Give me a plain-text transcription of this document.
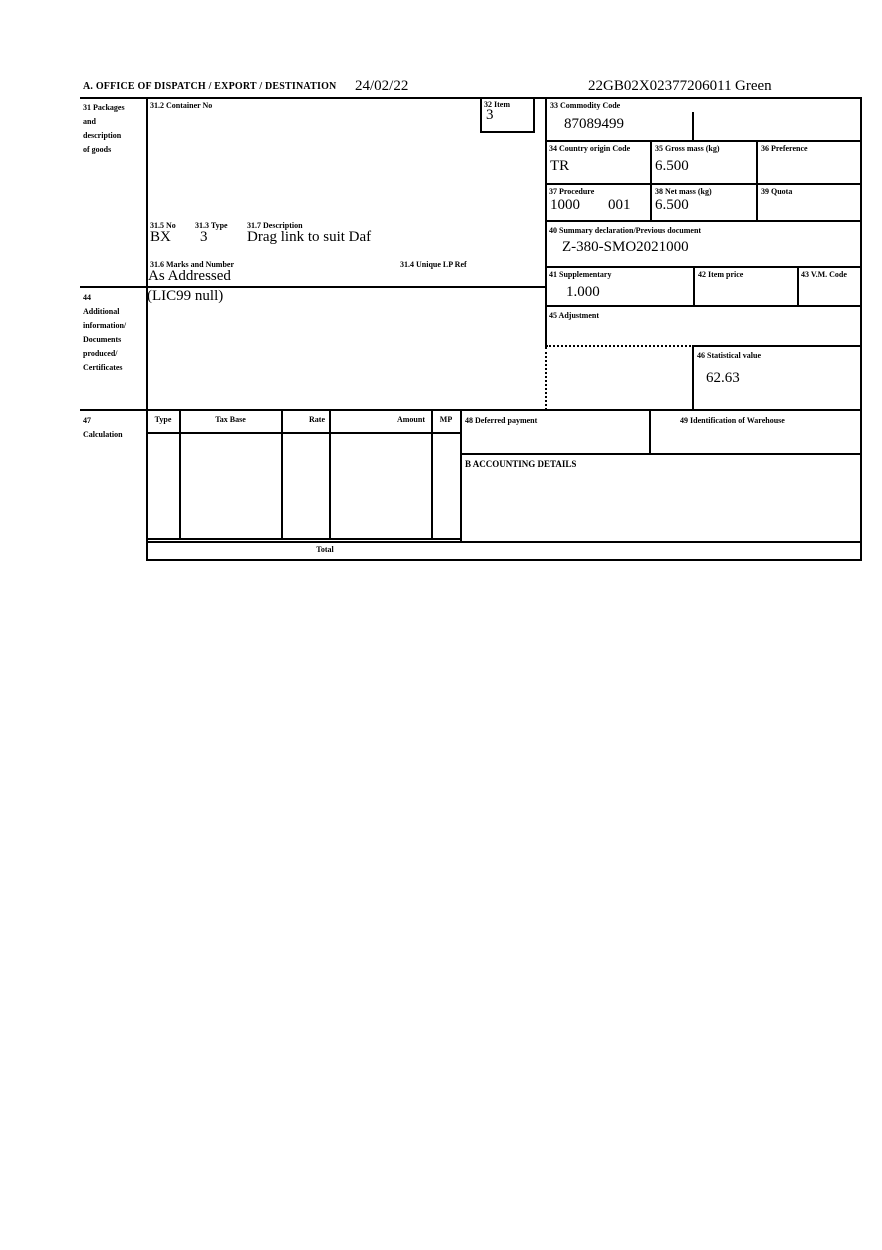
A. OFFICE OF DISPATCH / EXPORT / DESTINATION 24/02/22	22GB02X02377206011 Green
31 Packages
and
description
of goods
44
Additional
information/
Documents
produced/
Certificates
47
Calculation
31.2 Container No
31.5 No 31.3 Type 31.7 Description
BX 3	Drag link to suit Daf
31.6 Marks and Number	31.4 Unique LP Ref
As Addressed
32 Item
3
33 Commodity Code
87089499
34 Country origin Code
TR
35 Gross mass (kg)
6.500
36 Preference
37 Procedure
1000 001
38 Net mass (kg)
6.500
39 Quota
40 Summary declaration/Previous document
Z-380-SMO2021000
41 Supplementary
1.000
42 Item price	43 V.M. Code
45 Adjustment
46 Statistical value
62.63
(LIC99 null)
Type	Tax Base	Rate	Amount	MP
Total
48 Deferred payment	49 Identification of Warehouse
B ACCOUNTING DETAILS
